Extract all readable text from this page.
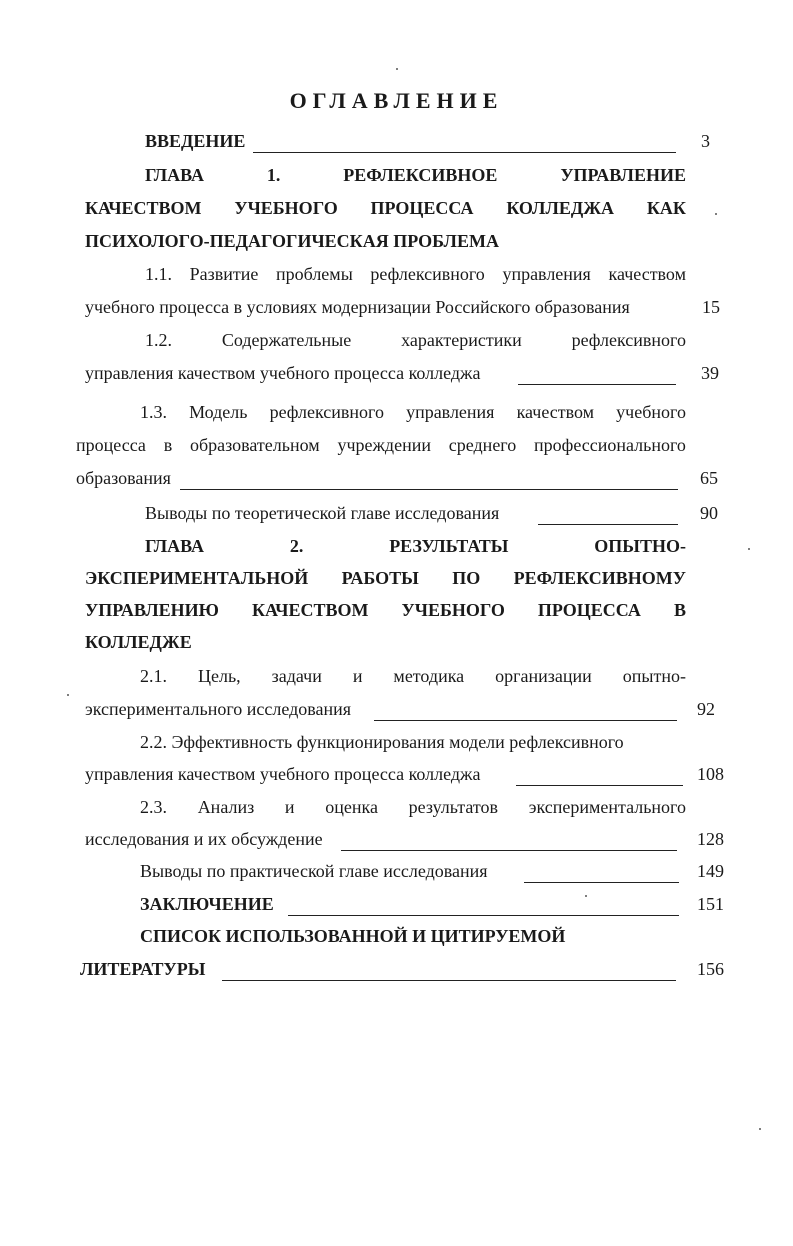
ОГЛАВЛЕНИЕ
ВВЕДЕНИЕ	3
ГЛАВА	1.	РЕФЛЕКСИВНОЕ	УПРАВЛЕНИЕ
КАЧЕСТВОМ УЧЕБНОГО ПРОЦЕССА КОЛЛЕДЖА КАК
ПСИХОЛОГО-ПЕДАГОГИЧЕСКАЯ ПРОБЛЕМА
1.1. Развитие проблемы рефлексивного управления качеством
учебного процесса в условиях модернизации Российского образования	15
1.2.	Содержательные	характеристики	рефлексивного
управления качеством учебного процесса колледжа	39
1.3. Модель рефлексивного управления качеством учебного
процесса в образовательном учреждении среднего профессионального
образования	65
Выводы по теоретической главе исследования	90
ГЛАВА	2.	РЕЗУЛЬТАТЫ	ОПЫТНО-
ЭКСПЕРИМЕНТАЛЬНОЙ РАБОТЫ ПО РЕФЛЕКСИВНОМУ
УПРАВЛЕНИЮ КАЧЕСТВОМ УЧЕБНОГО ПРОЦЕССА В
КОЛЛЕДЖЕ
2.1. Цель, задачи и методика организации опытно-
экспериментального исследования	92
2.2. Эффективность функционирования модели рефлексивного
управления качеством учебного процесса колледжа	108
2.3. Анализ и оценка результатов экспериментального
исследования и их обсуждение	128
Выводы по практической главе исследования	149
ЗАКЛЮЧЕНИЕ	151
СПИСОК ИСПОЛЬЗОВАННОЙ И ЦИТИРУЕМОЙ
ЛИТЕРАТУРЫ	156
